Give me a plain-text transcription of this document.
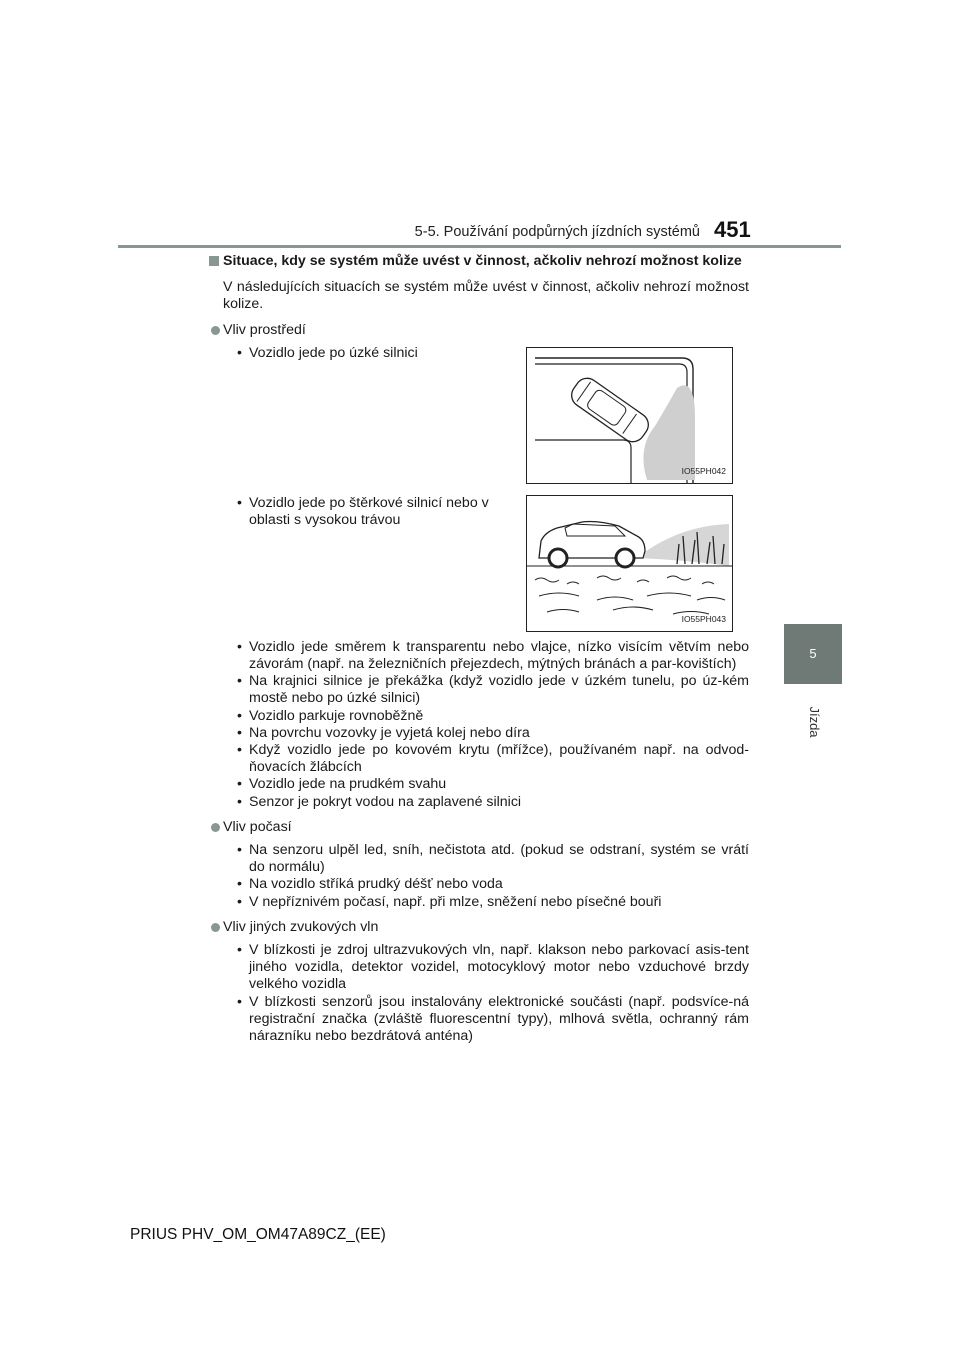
5-5. Používání podpůrných jízdních systémů 451
5
Jízda

Situace, kdy se systém může uvést v činnost, ačkoliv nehrozí možnost kolize

V následujících situacích se systém může uvést v činnost, ačkoliv nehrozí možnost kolize.

Vliv prostředí
• Vozidlo jede po úzké silnici
IO55PH042
• Vozidlo jede po štěrkové silnicí nebo v oblasti s vysokou trávou
IO55PH043
• Vozidlo jede směrem k transparentu nebo vlajce, nízko visícím větvím nebo závorám (např. na železničních přejezdech, mýtných bránách a par-kovištích)
• Na krajnici silnice je překážka (když vozidlo jede v úzkém tunelu, po úz-kém mostě nebo po úzké silnici)
• Vozidlo parkuje rovnoběžně
• Na povrchu vozovky je vyjetá kolej nebo díra
• Když vozidlo jede po kovovém krytu (mřížce), používaném např. na odvod-ňovacích žlábcích
• Vozidlo jede na prudkém svahu
• Senzor je pokryt vodou na zaplavené silnici
Vliv počasí
• Na senzoru ulpěl led, sníh, nečistota atd. (pokud se odstraní, systém se vrátí do normálu)
• Na vozidlo stříká prudký déšť nebo voda
• V nepříznivém počasí, např. při mlze, sněžení nebo písečné bouři
Vliv jiných zvukových vln
• V blízkosti je zdroj ultrazvukových vln, např. klakson nebo parkovací asis-tent jiného vozidla, detektor vozidel, motocyklový motor nebo vzduchové brzdy velkého vozidla
• V blízkosti senzorů jsou instalovány elektronické součásti (např. podsvíce-ná registrační značka (zvláště fluorescentní typy), mlhová světla, ochranný rám nárazníku nebo bezdrátová anténa)
PRIUS PHV_OM_OM47A89CZ_(EE)
